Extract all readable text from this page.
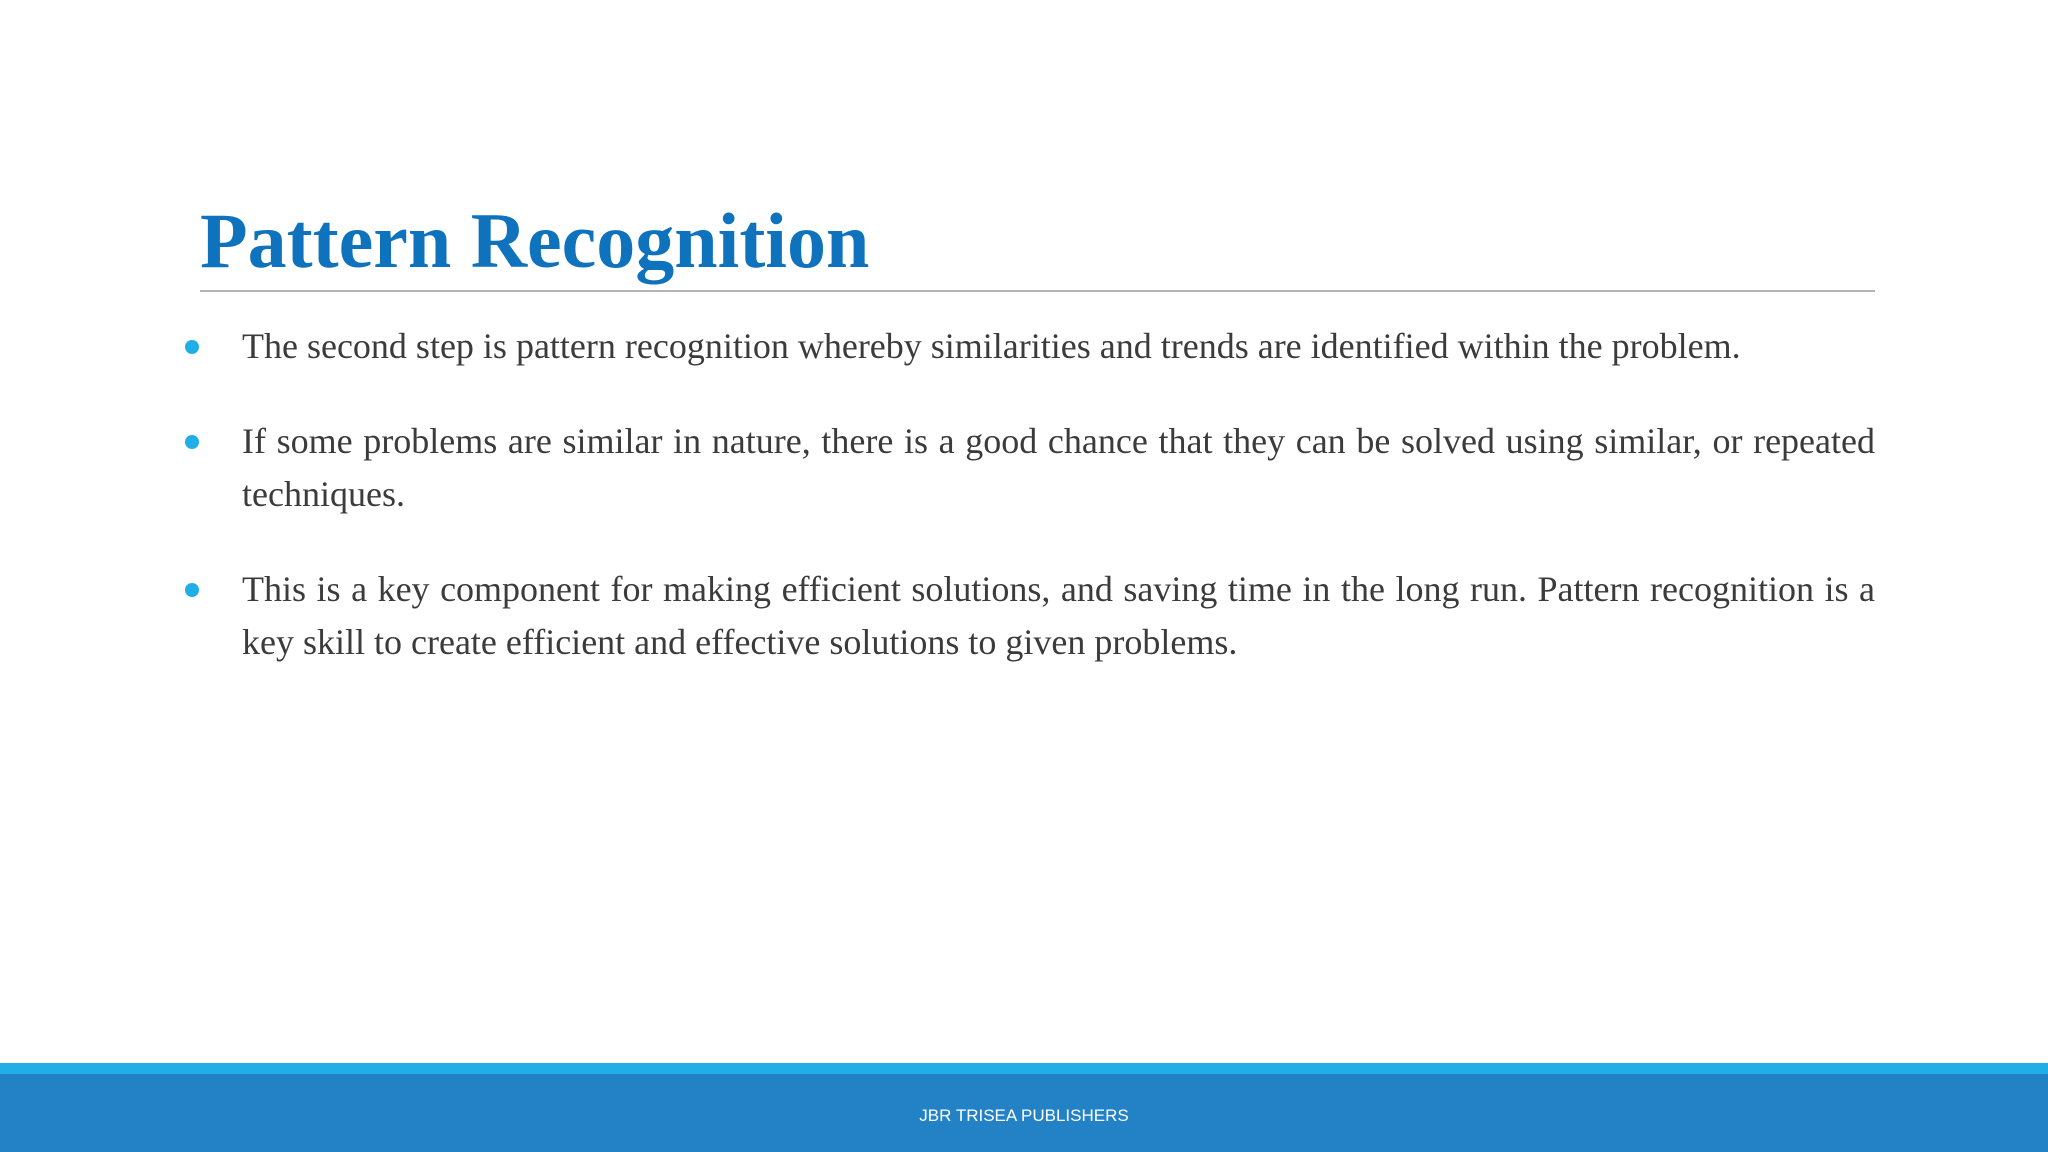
Pattern Recognition
The second step is pattern recognition whereby similarities and trends are identified within the problem.
If some problems are similar in nature, there is a good chance that they can be solved using similar, or repeated techniques.
This is a key component for making efficient solutions, and saving time in the long run. Pattern recognition is a key skill to create efficient and effective solutions to given problems.
JBR TRISEA PUBLISHERS
